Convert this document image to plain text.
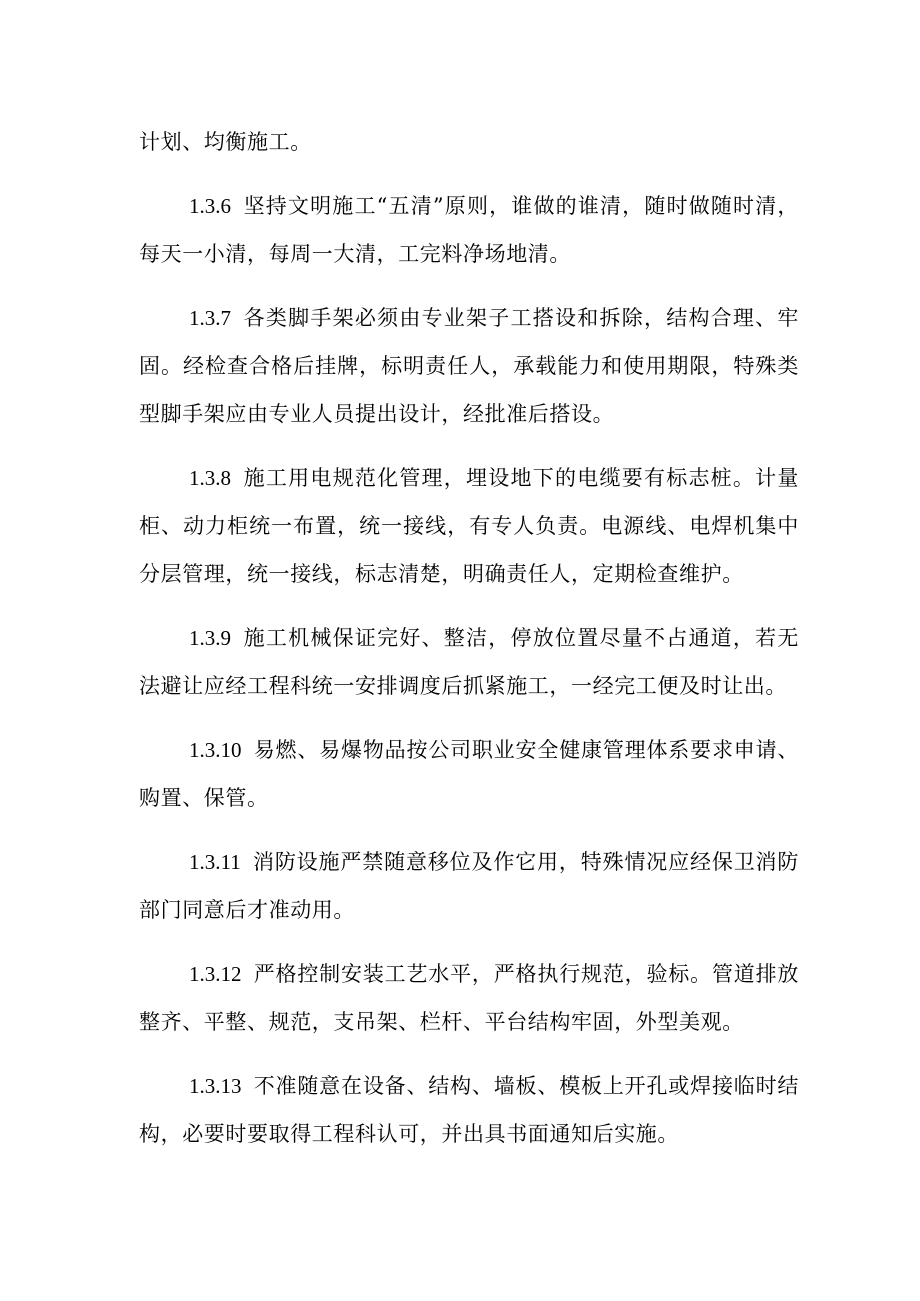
计划、均衡施工。

1.3.6 坚持文明施工“五清”原则，谁做的谁清，随时做随时清，每天一小清，每周一大清，工完料净场地清。

1.3.7 各类脚手架必须由专业架子工搭设和拆除，结构合理、牢固。经检查合格后挂牌，标明责任人，承载能力和使用期限，特殊类型脚手架应由专业人员提出设计，经批准后搭设。

1.3.8 施工用电规范化管理，埋设地下的电缆要有标志桩。计量柜、动力柜统一布置，统一接线，有专人负责。电源线、电焊机集中分层管理，统一接线，标志清楚，明确责任人，定期检查维护。

1.3.9 施工机械保证完好、整洁，停放位置尽量不占通道，若无法避让应经工程科统一安排调度后抓紧施工，一经完工便及时让出。

1.3.10 易燃、易爆物品按公司职业安全健康管理体系要求申请、购置、保管。

1.3.11 消防设施严禁随意移位及作它用，特殊情况应经保卫消防部门同意后才准动用。

1.3.12 严格控制安装工艺水平，严格执行规范，验标。管道排放整齐、平整、规范，支吊架、栏杆、平台结构牢固，外型美观。

1.3.13 不准随意在设备、结构、墙板、模板上开孔或焊接临时结构，必要时要取得工程科认可，并出具书面通知后实施。
